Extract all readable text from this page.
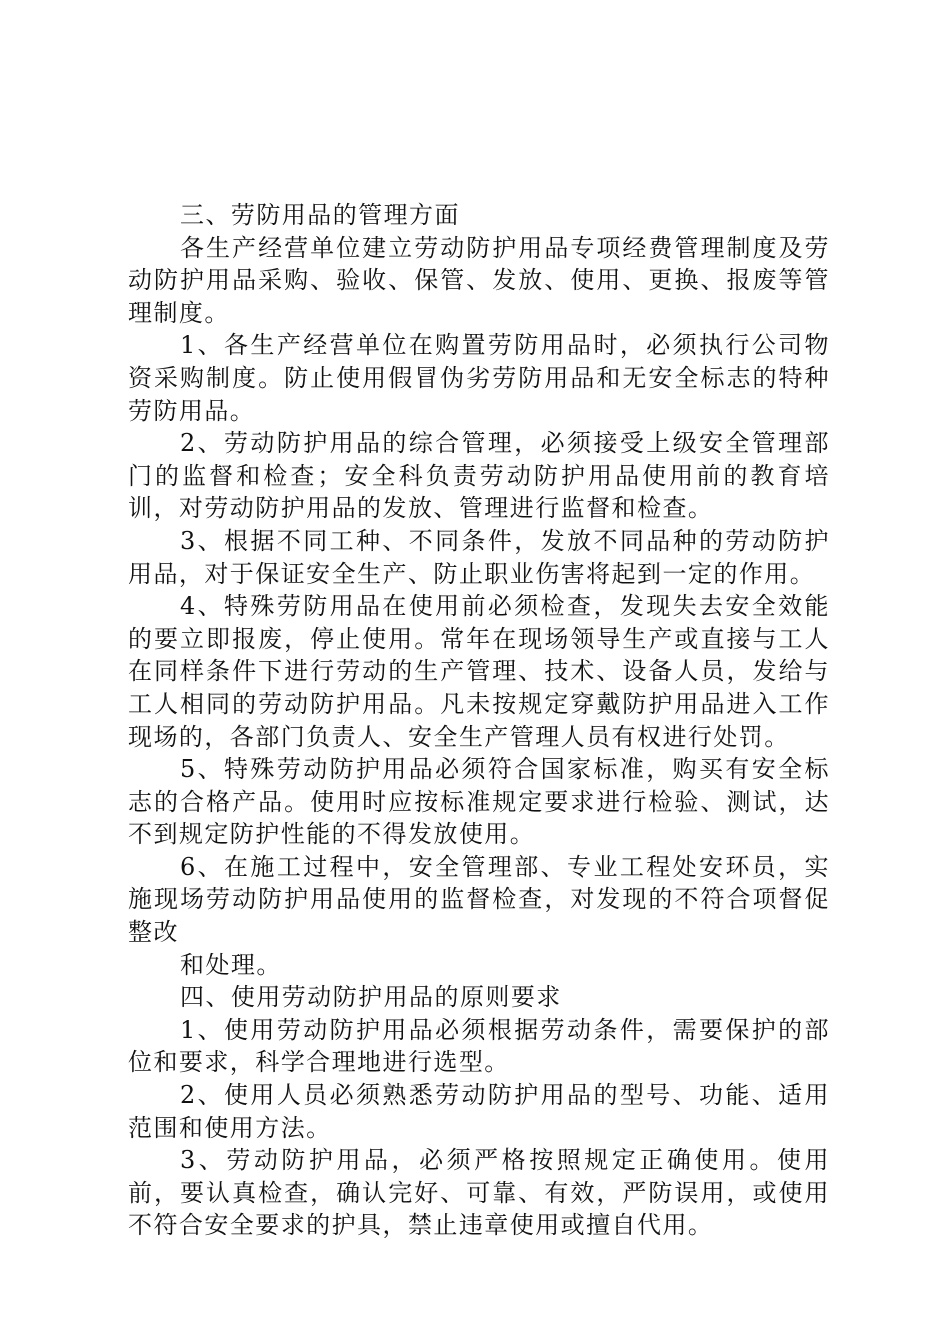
三、劳防用品的管理方面

各生产经营单位建立劳动防护用品专项经费管理制度及劳动防护用品采购、验收、保管、发放、使用、更换、报废等管理制度。

1、各生产经营单位在购置劳防用品时，必须执行公司物资采购制度。防止使用假冒伪劣劳防用品和无安全标志的特种劳防用品。

2、劳动防护用品的综合管理，必须接受上级安全管理部门的监督和检查；安全科负责劳动防护用品使用前的教育培训，对劳动防护用品的发放、管理进行监督和检查。

3、根据不同工种、不同条件，发放不同品种的劳动防护用品，对于保证安全生产、防止职业伤害将起到一定的作用。

4、特殊劳防用品在使用前必须检查，发现失去安全效能的要立即报废，停止使用。常年在现场领导生产或直接与工人在同样条件下进行劳动的生产管理、技术、设备人员，发给与工人相同的劳动防护用品。凡未按规定穿戴防护用品进入工作现场的，各部门负责人、安全生产管理人员有权进行处罚。

5、特殊劳动防护用品必须符合国家标准，购买有安全标志的合格产品。使用时应按标准规定要求进行检验、测试，达不到规定防护性能的不得发放使用。

6、在施工过程中，安全管理部、专业工程处安环员，实施现场劳动防护用品使用的监督检查，对发现的不符合项督促整改

和处理。

四、使用劳动防护用品的原则要求

1、使用劳动防护用品必须根据劳动条件，需要保护的部位和要求，科学合理地进行选型。

2、使用人员必须熟悉劳动防护用品的型号、功能、适用范围和使用方法。

3、劳动防护用品，必须严格按照规定正确使用。使用前，要认真检查，确认完好、可靠、有效，严防误用，或使用不符合安全要求的护具，禁止违章使用或擅自代用。
